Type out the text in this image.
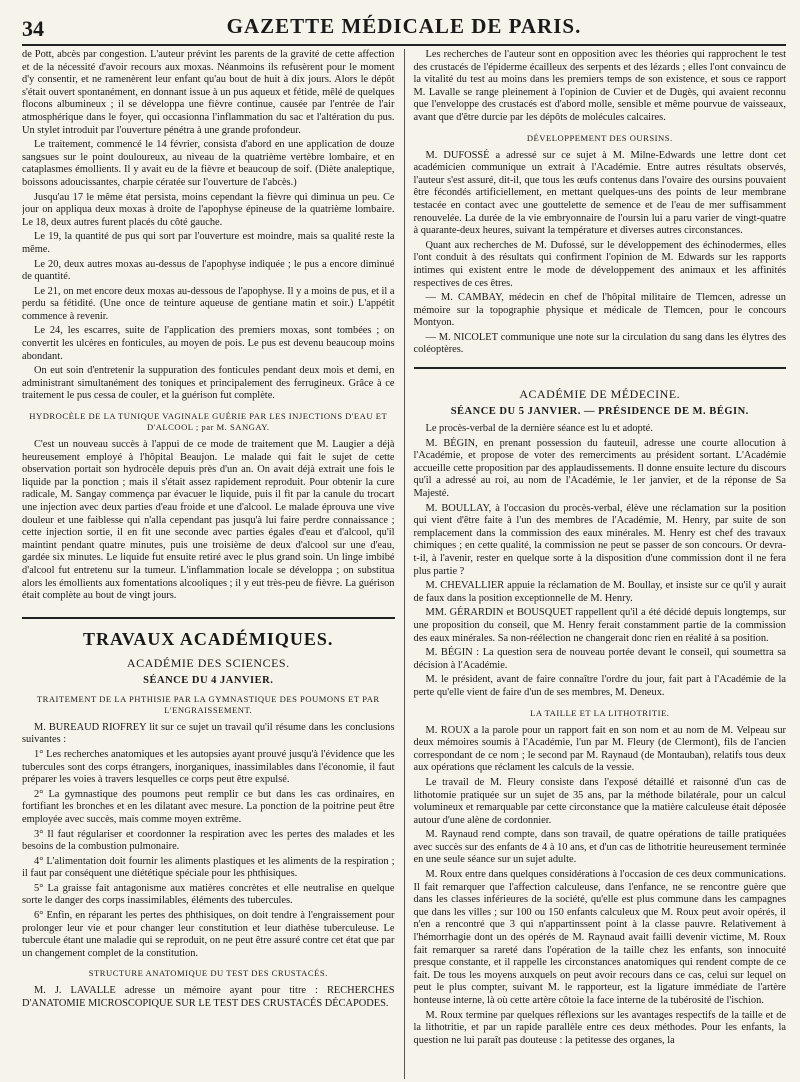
34	GAZETTE MÉDICALE DE PARIS.

de Pott, abcès par congestion. L'auteur prévint les parents de la gravité de cette affection et de la nécessité d'avoir recours aux moxas. Néanmoins ils refusèrent pour le moment d'y consentir, et ne ramenèrent leur enfant qu'au bout de huit à dix jours. Alors le dépôt s'était ouvert spontanément, en donnant issue à un pus aqueux et fétide, mêlé de quelques flocons albumineux ; il se développa une fièvre continue, causée par l'entrée de l'air atmosphérique dans le foyer, qui occasionna l'inflammation du sac et l'altération du pus. Un stylet introduit par l'ouverture pénétra à une grande profondeur.

Le traitement, commencé le 14 février, consista d'abord en une application de douze sangsues sur le point douloureux, au niveau de la quatrième vertèbre lombaire, et en cataplasmes émollients. Il y avait eu de la fièvre et beaucoup de soif. (Diète analeptique, boissons adoucissantes, charpie cératée sur l'ouverture de l'abcès.)

Jusqu'au 17 le même état persista, moins cependant la fièvre qui diminua un peu. Ce jour on appliqua deux moxas à droite de l'apophyse épineuse de la quatrième lombaire. Le 18, deux autres furent placés du côté gauche.

Le 19, la quantité de pus qui sort par l'ouverture est moindre, mais sa qualité reste la même.

Le 20, deux autres moxas au-dessus de l'apophyse indiquée ; le pus a encore diminué de quantité.

Le 21, on met encore deux moxas au-dessous de l'apophyse. Il y a moins de pus, et il a perdu sa fétidité. (Une once de teinture aqueuse de gentiane matin et soir.) L'appétit commence à revenir.

Le 24, les escarres, suite de l'application des premiers moxas, sont tombées ; on convertit les ulcères en fonticules, au moyen de pois. Le pus est devenu beaucoup moins abondant.

On eut soin d'entretenir la suppuration des fonticules pendant deux mois et demi, en administrant simultanément des toniques et principalement des ferrugineux. Grâce à ce traitement le pus cessa de couler, et la guérison fut complète.

HYDROCÈLE DE LA TUNIQUE VAGINALE GUÉRIE PAR LES INJECTIONS D'EAU ET D'ALCOOL ; par M. SANGAY.

C'est un nouveau succès à l'appui de ce mode de traitement que M. Laugier a déjà heureusement employé à l'hôpital Beaujon. Le malade qui fait le sujet de cette observation portait son hydrocèle depuis près d'un an. On avait déjà extrait une fois le liquide par la ponction ; mais il s'était assez rapidement reproduit. Pour obtenir la cure radicale, M. Sangay commença par évacuer le liquide, puis il fit par la canule du trocart une injection avec deux parties d'eau froide et une d'alcool. Le malade éprouva une vive douleur et une faiblesse qui n'alla cependant pas jusqu'à lui faire perdre connaissance ; cette injection sortie, il en fit une seconde avec parties égales d'eau et d'alcool, qu'il maintint pendant quatre minutes, puis une troisième de deux d'alcool sur une d'eau, gardée six minutes. Le liquide fut ensuite retiré avec le plus grand soin. Un linge imbibé d'alcool fut entretenu sur la tumeur. L'inflammation locale se développa ; on substitua alors les émollients aux fomentations alcooliques ; il y eut très-peu de fièvre. La guérison était complète au bout de vingt jours.

TRAVAUX ACADÉMIQUES.
ACADÉMIE DES SCIENCES.
SÉANCE DU 4 JANVIER.
TRAITEMENT DE LA PHTHISIE PAR LA GYMNASTIQUE DES POUMONS ET PAR L'ENGRAISSEMENT.

M. BUREAUD RIOFREY lit sur ce sujet un travail qu'il résume dans les conclusions suivantes :

1° Les recherches anatomiques et les autopsies ayant prouvé jusqu'à l'évidence que les tubercules sont des corps étrangers, inorganiques, inassimilables dans l'économie, il faut préparer les voies à travers lesquelles ce corps peut être expulsé.

2° La gymnastique des poumons peut remplir ce but dans les cas ordinaires, en fortifiant les bronches et en les dilatant avec mesure. La ponction de la poitrine peut être employée avec succès, mais comme moyen extrême.

3° Il faut régulariser et coordonner la respiration avec les pertes des malades et les besoins de la combustion pulmonaire.

4° L'alimentation doit fournir les aliments plastiques et les aliments de la respiration ; il faut par conséquent une diététique spéciale pour les phthisiques.

5° La graisse fait antagonisme aux matières concrètes et elle neutralise en quelque sorte le danger des corps inassimilables, éléments des tubercules.

6° Enfin, en réparant les pertes des phthisiques, on doit tendre à l'engraissement pour prolonger leur vie et pour changer leur constitution et leur diathèse tuberculeuse. Le tubercule étant une maladie qui se reproduit, on ne peut être assuré contre cet état que par un changement complet de la constitution.

STRUCTURE ANATOMIQUE DU TEST DES CRUSTACÉS.

M. J. LAVALLE adresse un mémoire ayant pour titre : RECHERCHES D'ANATOMIE MICROSCOPIQUE SUR LE TEST DES CRUSTACÉS DÉCAPODES.

Les recherches de l'auteur sont en opposition avec les théories qui rapprochent le test des crustacés de l'épiderme écailleux des serpents et des lézards ; elles l'ont convaincu de la vitalité du test au moins dans les premiers temps de son existence, et sous ce rapport M. Lavalle se range pleinement à l'opinion de Cuvier et de Dugès, qui avaient reconnu que l'enveloppe des crustacés est d'abord molle, sensible et même pourvue de vaisseaux, avant que d'être durcie par les dépôts de molécules calcaires.

DÉVELOPPEMENT DES OURSINS.

M. DUFOSSÉ a adressé sur ce sujet à M. Milne-Edwards une lettre dont cet académicien communique un extrait à l'Académie. Entre autres résultats observés, l'auteur s'est assuré, dit-il, que tous les œufs contenus dans l'ovaire des oursins pouvaient être fécondés artificiellement, en mettant quelques-uns des points de leur membrane testacée en contact avec une gouttelette de semence et de l'eau de mer suffisamment renouvelée. La durée de la vie embryonnaire de l'oursin lui a paru varier de vingt-quatre à quarante-deux heures, suivant la température et diverses autres circonstances.

Quant aux recherches de M. Dufossé, sur le développement des échinodermes, elles l'ont conduit à des résultats qui confirment l'opinion de M. Edwards sur les rapports intimes qui existent entre le mode de développement des animaux et les affinités respectives de ces êtres.

— M. CAMBAY, médecin en chef de l'hôpital militaire de Tlemcen, adresse un mémoire sur la topographie physique et médicale de Tlemcen, pour le concours Montyon.

— M. NICOLET communique une note sur la circulation du sang dans les élytres des coléoptères.

ACADÉMIE DE MÉDECINE.
SÉANCE DU 5 JANVIER. — PRÉSIDENCE DE M. BÉGIN.

Le procès-verbal de la dernière séance est lu et adopté.

M. BÉGIN, en prenant possession du fauteuil, adresse une courte allocution à l'Académie, et propose de voter des remerciments au président sortant. L'Académie accueille cette proposition par des applaudissements. Il donne ensuite lecture du discours qu'il a adressé au roi, au nom de l'Académie, le 1er janvier, et de la réponse de Sa Majesté.

M. BOULLAY, à l'occasion du procès-verbal, élève une réclamation sur la position qui vient d'être faite à l'un des membres de l'Académie, M. Henry, par suite de son remplacement dans la commission des eaux minérales. M. Henry est chef des travaux chimiques ; en cette qualité, la commission ne peut se passer de son concours. Or devra-t-il, à l'avenir, rester en quelque sorte à la disposition d'une commission dont il ne fera plus partie ?

M. CHEVALLIER appuie la réclamation de M. Boullay, et insiste sur ce qu'il y aurait de faux dans la position exceptionnelle de M. Henry.

MM. GÉRARDIN et BOUSQUET rappellent qu'il a été décidé depuis longtemps, sur une proposition du conseil, que M. Henry ferait constamment partie de la commission des eaux minérales. Sa non-réélection ne changerait donc rien en réalité à sa position.

M. BÉGIN : La question sera de nouveau portée devant le conseil, qui soumettra sa décision à l'Académie.

M. le président, avant de faire connaître l'ordre du jour, fait part à l'Académie de la perte qu'elle vient de faire d'un de ses membres, M. Deneux.

LA TAILLE ET LA LITHOTRITIE.

M. ROUX a la parole pour un rapport fait en son nom et au nom de M. Velpeau sur deux mémoires soumis à l'Académie, l'un par M. Fleury (de Clermont), fils de l'ancien correspondant de ce nom ; le second par M. Raynaud (de Montauban), relatifs tous deux aux opérations que réclament les calculs de la vessie.

Le travail de M. Fleury consiste dans l'exposé détaillé et raisonné d'un cas de lithotomie pratiquée sur un sujet de 35 ans, par la méthode bilatérale, pour un calcul volumineux et remarquable par cette circonstance que la matière calculeuse était déposée autour d'une alène de cordonnier.

M. Raynaud rend compte, dans son travail, de quatre opérations de taille pratiquées avec succès sur des enfants de 4 à 10 ans, et d'un cas de lithotritie heureusement terminée en une seule séance sur un sujet adulte.

M. Roux entre dans quelques considérations à l'occasion de ces deux communications. Il fait remarquer que l'affection calculeuse, dans l'enfance, ne se rencontre guère que dans les classes inférieures de la société, qu'elle est plus commune dans les campagnes que dans les villes ; sur 100 ou 150 enfants calculeux que M. Roux peut avoir opérés, il n'en a rencontré que 3 qui n'appartinssent point à la classe pauvre. Relativement à l'hémorrhagie dont un des opérés de M. Raynaud avait failli devenir victime, M. Roux fait remarquer sa rareté dans l'opération de la taille chez les enfants, son innocuité presque constante, et il rappelle les circonstances anatomiques qui rendent compte de ce fait. De tous les moyens auxquels on peut avoir recours dans ce cas, celui sur lequel on peut le plus compter, suivant M. le rapporteur, est la ligature immédiate de l'artère honteuse interne, là où cette artère côtoie la face interne de la tubérosité de l'ischion.

M. Roux termine par quelques réflexions sur les avantages respectifs de la taille et de la lithotritie, et par un rapide parallèle entre ces deux méthodes. Pour les enfants, la question ne lui paraît pas douteuse : la petitesse des organes, la
